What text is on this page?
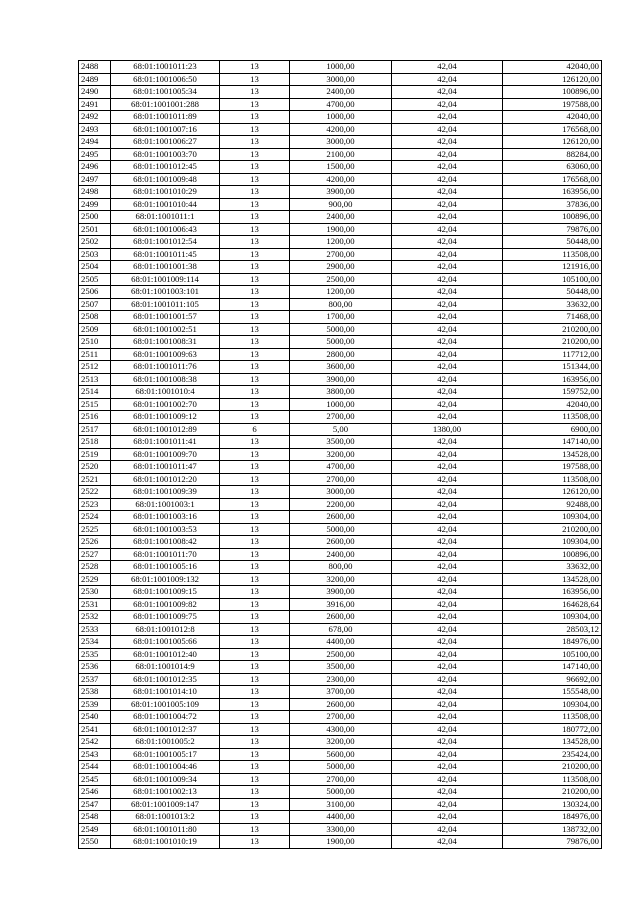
2488	68:01:1001011:23	13	1000,00	42,04	42040,00
2489	68:01:1001006:50	13	3000,00	42,04	126120,00
2490	68:01:1001005:34	13	2400,00	42,04	100896,00
2491	68:01:1001001:288	13	4700,00	42,04	197588,00
2492	68:01:1001011:89	13	1000,00	42,04	42040,00
2493	68:01:1001007:16	13	4200,00	42,04	176568,00
2494	68:01:1001006:27	13	3000,00	42,04	126120,00
2495	68:01:1001003:70	13	2100,00	42,04	88284,00
2496	68:01:1001012:45	13	1500,00	42,04	63060,00
2497	68:01:1001009:48	13	4200,00	42,04	176568,00
2498	68:01:1001010:29	13	3900,00	42,04	163956,00
2499	68:01:1001010:44	13	900,00	42,04	37836,00
2500	68:01:1001011:1	13	2400,00	42,04	100896,00
2501	68:01:1001006:43	13	1900,00	42,04	79876,00
2502	68:01:1001012:54	13	1200,00	42,04	50448,00
2503	68:01:1001011:45	13	2700,00	42,04	113508,00
2504	68:01:1001001:38	13	2900,00	42,04	121916,00
2505	68:01:1001009:114	13	2500,00	42,04	105100,00
2506	68:01:1001003:101	13	1200,00	42,04	50448,00
2507	68:01:1001011:105	13	800,00	42,04	33632,00
2508	68:01:1001001:57	13	1700,00	42,04	71468,00
2509	68:01:1001002:51	13	5000,00	42,04	210200,00
2510	68:01:1001008:31	13	5000,00	42,04	210200,00
2511	68:01:1001009:63	13	2800,00	42,04	117712,00
2512	68:01:1001011:76	13	3600,00	42,04	151344,00
2513	68:01:1001008:38	13	3900,00	42,04	163956,00
2514	68:01:1001010:4	13	3800,00	42,04	159752,00
2515	68:01:1001002:70	13	1000,00	42,04	42040,00
2516	68:01:1001009:12	13	2700,00	42,04	113508,00
2517	68:01:1001012:89	6	5,00	1380,00	6900,00
2518	68:01:1001011:41	13	3500,00	42,04	147140,00
2519	68:01:1001009:70	13	3200,00	42,04	134528,00
2520	68:01:1001011:47	13	4700,00	42,04	197588,00
2521	68:01:1001012:20	13	2700,00	42,04	113508,00
2522	68:01:1001009:39	13	3000,00	42,04	126120,00
2523	68:01:1001003:1	13	2200,00	42,04	92488,00
2524	68:01:1001003:16	13	2600,00	42,04	109304,00
2525	68:01:1001003:53	13	5000,00	42,04	210200,00
2526	68:01:1001008:42	13	2600,00	42,04	109304,00
2527	68:01:1001011:70	13	2400,00	42,04	100896,00
2528	68:01:1001005:16	13	800,00	42,04	33632,00
2529	68:01:1001009:132	13	3200,00	42,04	134528,00
2530	68:01:1001009:15	13	3900,00	42,04	163956,00
2531	68:01:1001009:82	13	3916,00	42,04	164628,64
2532	68:01:1001009:75	13	2600,00	42,04	109304,00
2533	68:01:1001012:8	13	678,00	42,04	28503,12
2534	68:01:1001005:66	13	4400,00	42,04	184976,00
2535	68:01:1001012:40	13	2500,00	42,04	105100,00
2536	68:01:1001014:9	13	3500,00	42,04	147140,00
2537	68:01:1001012:35	13	2300,00	42,04	96692,00
2538	68:01:1001014:10	13	3700,00	42,04	155548,00
2539	68:01:1001005:109	13	2600,00	42,04	109304,00
2540	68:01:1001004:72	13	2700,00	42,04	113508,00
2541	68:01:1001012:37	13	4300,00	42,04	180772,00
2542	68:01:1001005:2	13	3200,00	42,04	134528,00
2543	68:01:1001005:17	13	5600,00	42,04	235424,00
2544	68:01:1001004:46	13	5000,00	42,04	210200,00
2545	68:01:1001009:34	13	2700,00	42,04	113508,00
2546	68:01:1001002:13	13	5000,00	42,04	210200,00
2547	68:01:1001009:147	13	3100,00	42,04	130324,00
2548	68:01:1001013:2	13	4400,00	42,04	184976,00
2549	68:01:1001011:80	13	3300,00	42,04	138732,00
2550	68:01:1001010:19	13	1900,00	42,04	79876,00
